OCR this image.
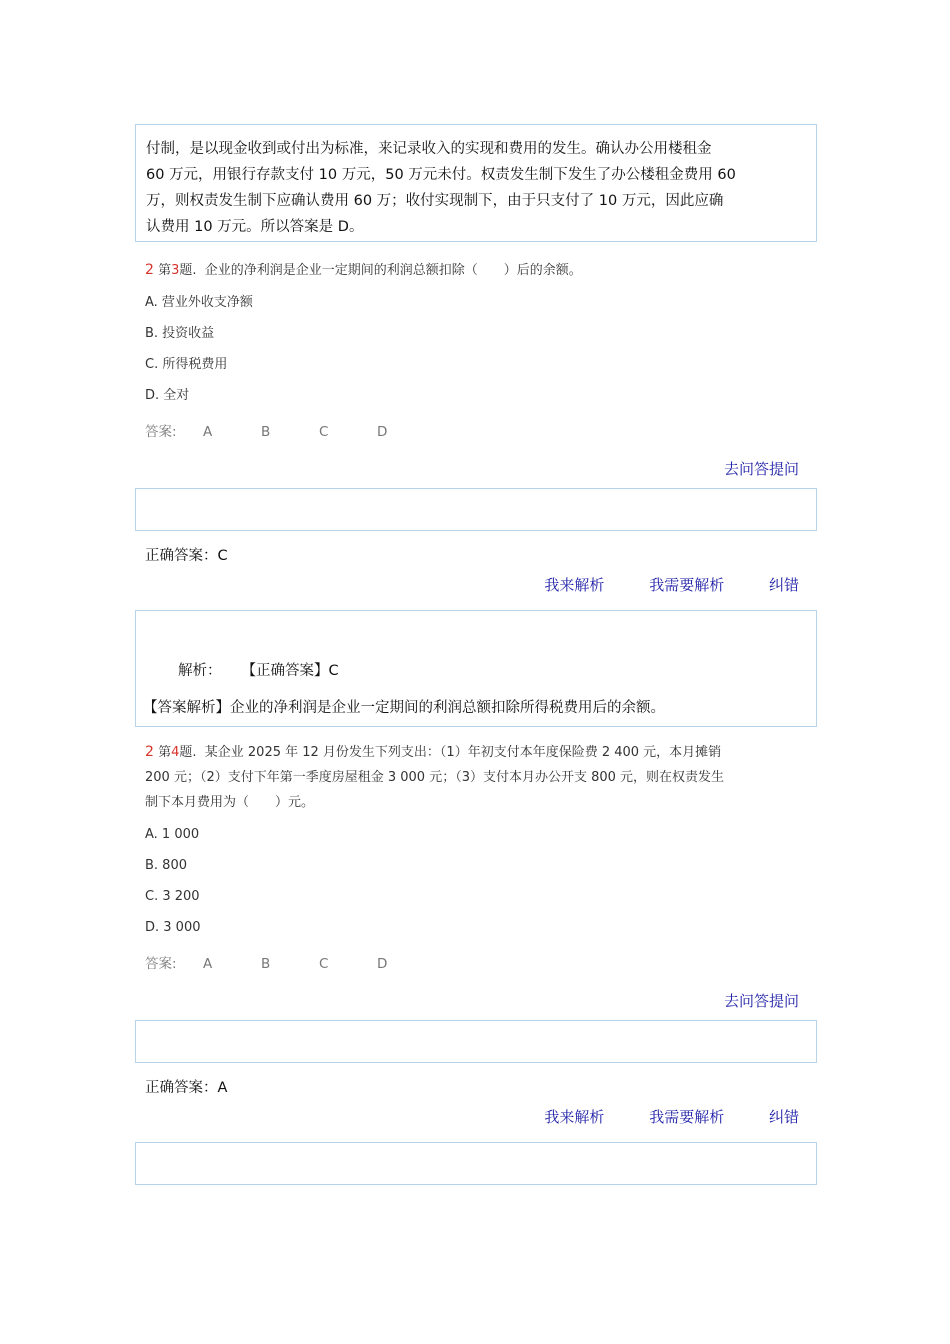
付制，是以现金收到或付出为标准，来记录收入的实现和费用的发生。确认办公用楼租金
60 万元，用银行存款支付 10 万元，50 万元未付。权责发生制下发生了办公楼租金费用 60
万，则权责发生制下应确认费用 60 万；收付实现制下，由于只支付了 10 万元，因此应确
认费用 10 万元。所以答案是 D。
2 第3题. 企业的净利润是企业一定期间的利润总额扣除（　　）后的余额。
A. 营业外收支净额
B. 投资收益
C. 所得税费用
D. 全对
答案: A	B	C	D
去问答提问
正确答案：C
我来解析	我需要解析	纠错
解析： 【正确答案】C
【答案解析】企业的净利润是企业一定期间的利润总额扣除所得税费用后的余额。
2 第4题. 某企业 2025 年 12 月份发生下列支出：（1）年初支付本年度保险费 2 400 元，本月摊销
200 元；（2）支付下年第一季度房屋租金 3 000 元；（3）支付本月办公开支 800 元，则在权责发生
制下本月费用为（　　）元。
A. 1 000
B. 800
C. 3 200
D. 3 000
答案: A	B	C	D
去问答提问
正确答案：A
我来解析	我需要解析	纠错
